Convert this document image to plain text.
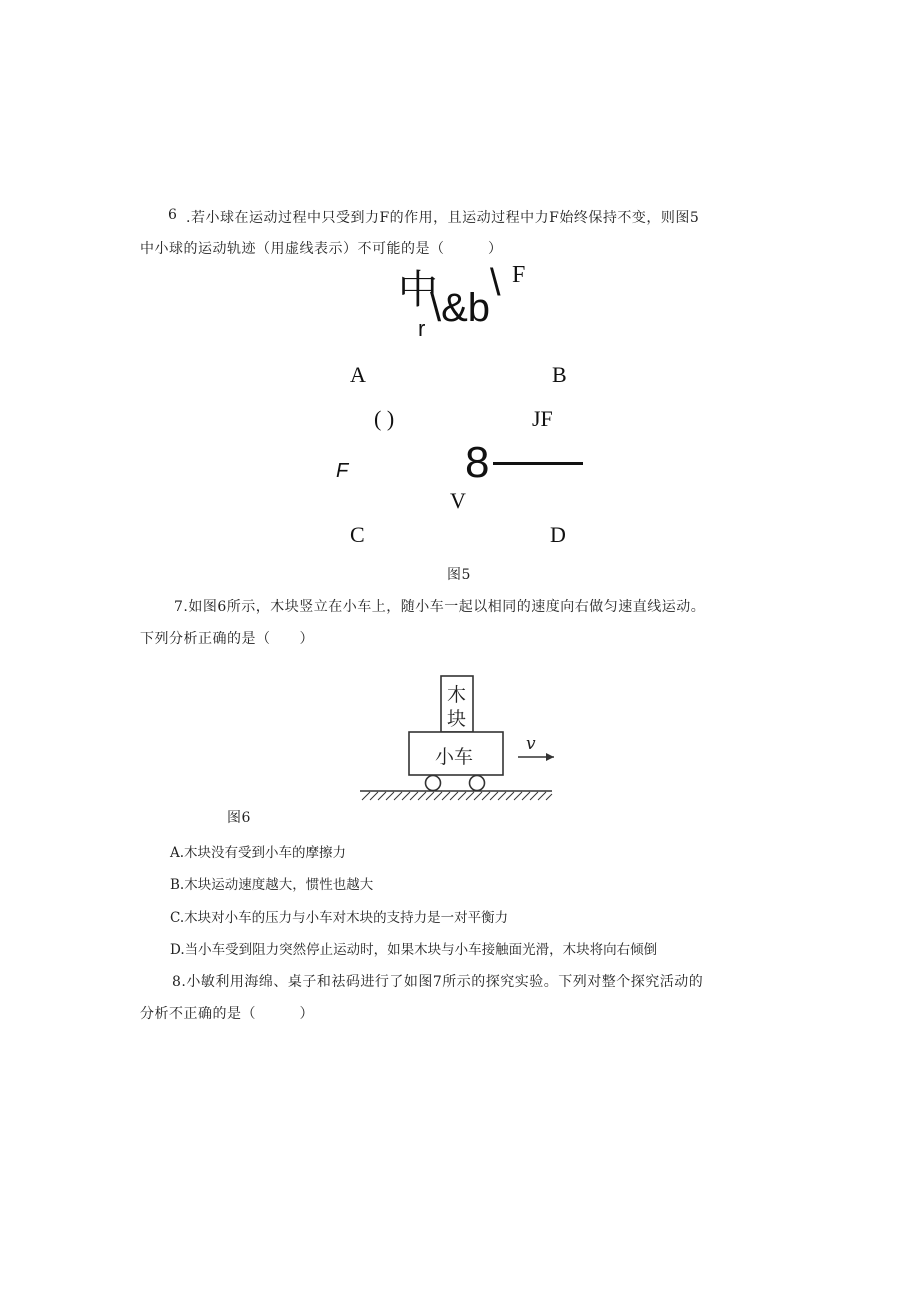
6 .若小球在运动过程中只受到力F的作用，且运动过程中力F始终保持不变，则图5
中小球的运动轨迹（用虚线表示）不可能的是（　　　）
中
r \&b
\ F
A	B
( )	JF
F	8
V
C	D
图5
7.如图6所示，木块竖立在小车上，随小车一起以相同的速度向右做匀速直线运动。
下列分析正确的是（　　）
木
块
小车
v
图6
A.木块没有受到小车的摩擦力
B.木块运动速度越大，惯性也越大
C.木块对小车的压力与小车对木块的支持力是一对平衡力
D.当小车受到阻力突然停止运动时，如果木块与小车接触面光滑，木块将向右倾倒
8.小敏利用海绵、桌子和祛码进行了如图7所示的探究实验。下列对整个探究活动的
分析不正确的是（　　　）
